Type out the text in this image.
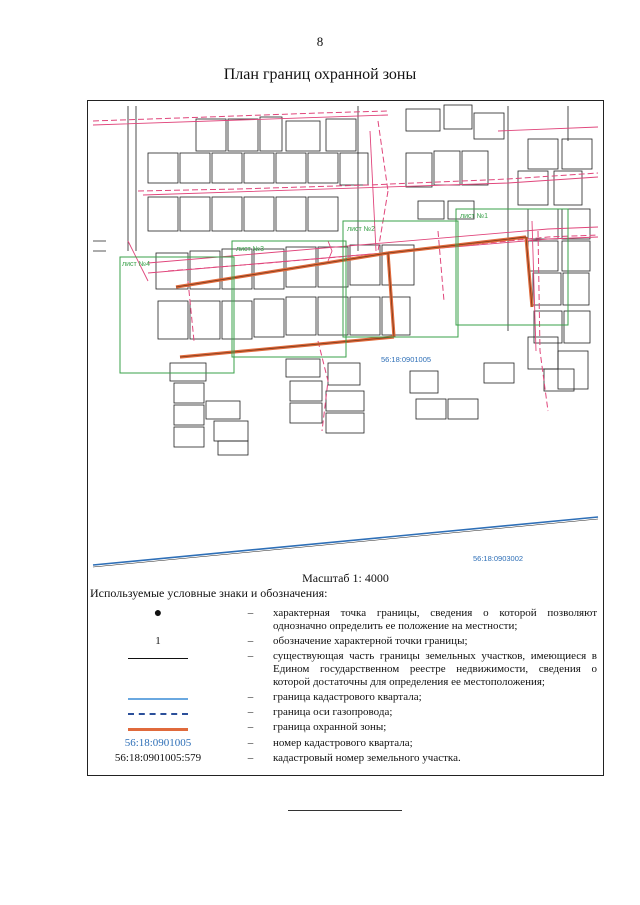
8
План границ охранной зоны
лист №1
лист №2
лист №3
лист №4
56:18:0901005
56:18:0903002
Масштаб 1: 4000
Используемые условные знаки и обозначения:
●	–	характерная точка границы, сведения о которой позволяют однозначно определить ее положение на местности;
1	–	обозначение характерной точки границы;
	–	существующая часть границы земельных участков, имеющиеся в Едином государственном реестре недвижимости, сведения о которой достаточны для определения ее местоположения;
	–	граница кадастрового квартала;
	–	граница оси газопровода;
	–	граница охранной зоны;
56:18:0901005	–	номер кадастрового квартала;
56:18:0901005:579	–	кадастровый номер земельного участка.
